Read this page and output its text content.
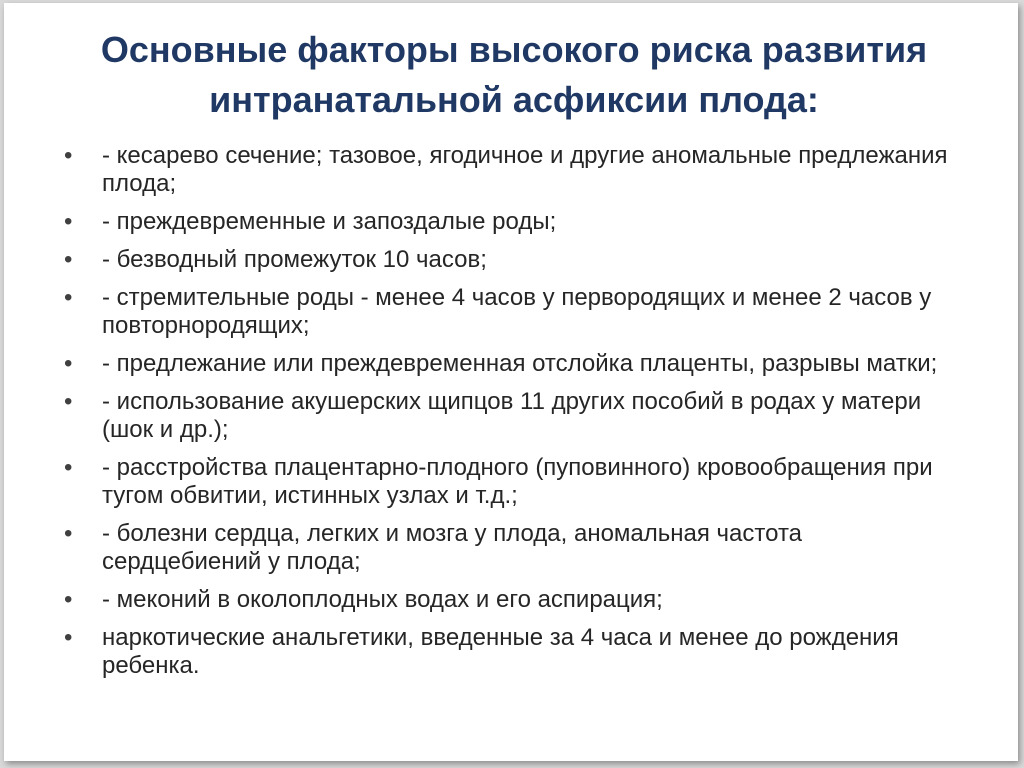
Основные факторы высокого риска развития
интранатальной асфиксии плода:
• - кесарево сечение; тазовое, ягодичное и другие аномальные предлежания плода;
• - преждевременные и запоздалые роды;
• - безводный промежуток 10 часов;
• - стремительные роды - менее 4 часов у первородящих и менее 2 часов у повторнородящих;
• - предлежание или преждевременная отслойка плаценты, разрывы матки;
• - использование акушерских щипцов 11 других пособий в родах у матери (шок и др.);
• - расстройства плацентарно-плодного (пуповинного) кровообращения при тугом обвитии, истинных узлах и т.д.;
• - болезни сердца, легких и мозга у плода, аномальная частота сердцебиений у плода;
• - меконий в околоплодных водах и его аспирация;
• наркотические анальгетики, введенные за 4 часа и менее до рождения ребенка.
